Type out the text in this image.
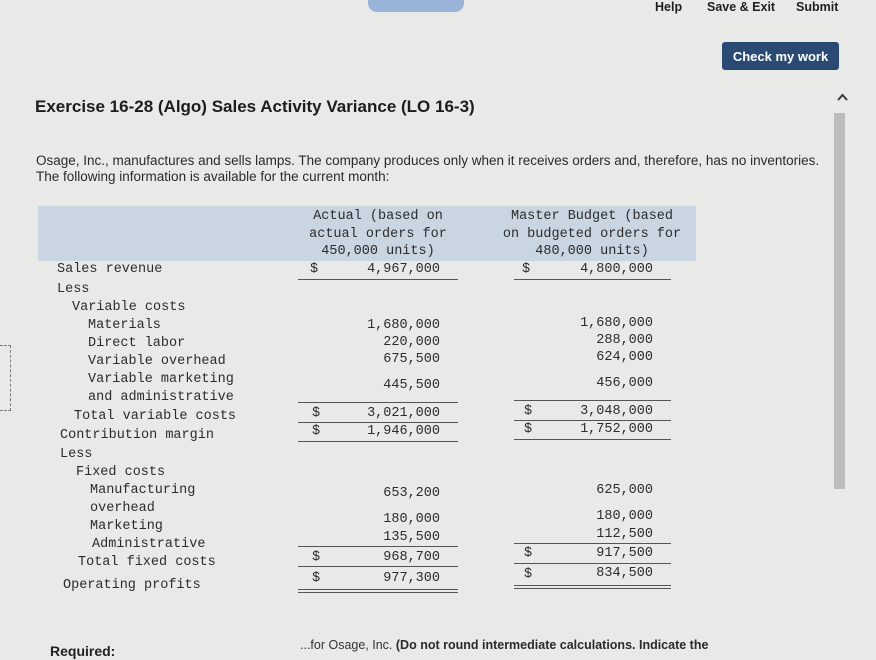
Help Save & Exit Submit
Check my work
Exercise 16-28 (Algo) Sales Activity Variance (LO 16-3)
Osage, Inc., manufactures and sells lamps. The company produces only when it receives orders and, therefore, has no inventories. The following information is available for the current month:
Actual (based on
actual orders for
450,000 units)
Master Budget (based
on budgeted orders for
480,000 units)
Sales revenue	$	4,967,000	$	4,800,000
Less
Variable costs
Materials	1,680,000	1,680,000
Direct labor	220,000	288,000
Variable overhead	675,500	624,000
Variable marketing
and administrative
445,500	456,000
Total variable costs	$	3,021,000	$	3,048,000
Contribution margin	$	1,946,000	$	1,752,000
Less
Fixed costs
Manufacturing
overhead
653,200	625,000
Marketing	180,000	180,000
Administrative	135,500	112,500
Total fixed costs	$	968,700	$	917,500
Operating profits	$	977,300	$	834,500
Required:	...for Osage, Inc. (Do not round intermediate calculations. Indicate the
